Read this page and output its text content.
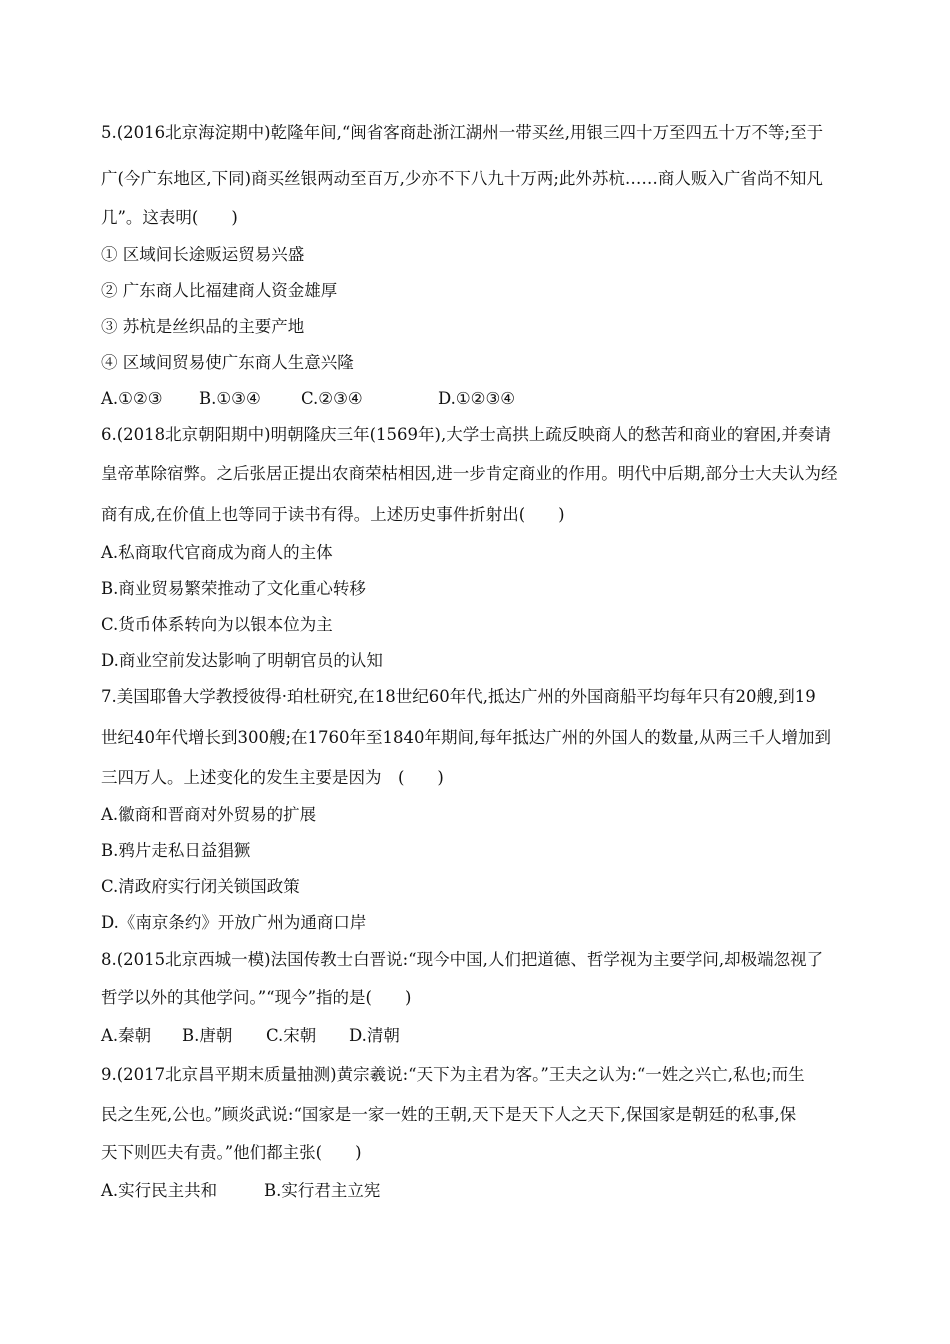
5.(2016北京海淀期中)乾隆年间,“闽省客商赴浙江湖州一带买丝,用银三四十万至四五十万不等;至于
广(今广东地区,下同)商买丝银两动至百万,少亦不下八九十万两;此外苏杭……商人贩入广省尚不知凡
几”。这表明(　　)
① 区域间长途贩运贸易兴盛
② 广东商人比福建商人资金雄厚
③ 苏杭是丝织品的主要产地
④ 区域间贸易使广东商人生意兴隆
A.①②③ B.①③④ C.②③④	D.①②③④
6.(2018北京朝阳期中)明朝隆庆三年(1569年),大学士高拱上疏反映商人的愁苦和商业的窘困,并奏请
皇帝革除宿弊。之后张居正提出农商荣枯相因,进一步肯定商业的作用。明代中后期,部分士大夫认为经
商有成,在价值上也等同于读书有得。上述历史事件折射出(　　)
A.私商取代官商成为商人的主体
B.商业贸易繁荣推动了文化重心转移
C.货币体系转向为以银本位为主
D.商业空前发达影响了明朝官员的认知
7.美国耶鲁大学教授彼得·珀杜研究,在18世纪60年代,抵达广州的外国商船平均每年只有20艘,到19
世纪40年代增长到300艘;在1760年至1840年期间,每年抵达广州的外国人的数量,从两三千人增加到
三四万人。上述变化的发生主要是因为　(　　)
A.徽商和晋商对外贸易的扩展
B.鸦片走私日益猖獗
C.清政府实行闭关锁国政策
D.《南京条约》开放广州为通商口岸
8.(2015北京西城一模)法国传教士白晋说:“现今中国,人们把道德、哲学视为主要学问,却极端忽视了
哲学以外的其他学问。”“现今”指的是(　　)
A.秦朝 B.唐朝 C.宋朝 D.清朝
9.(2017北京昌平期末质量抽测)黄宗羲说:“天下为主君为客。”王夫之认为:“一姓之兴亡,私也;而生
民之生死,公也。”顾炎武说:“国家是一家一姓的王朝,天下是天下人之天下,保国家是朝廷的私事,保
天下则匹夫有责。”他们都主张(　　)
A.实行民主共和	B.实行君主立宪
